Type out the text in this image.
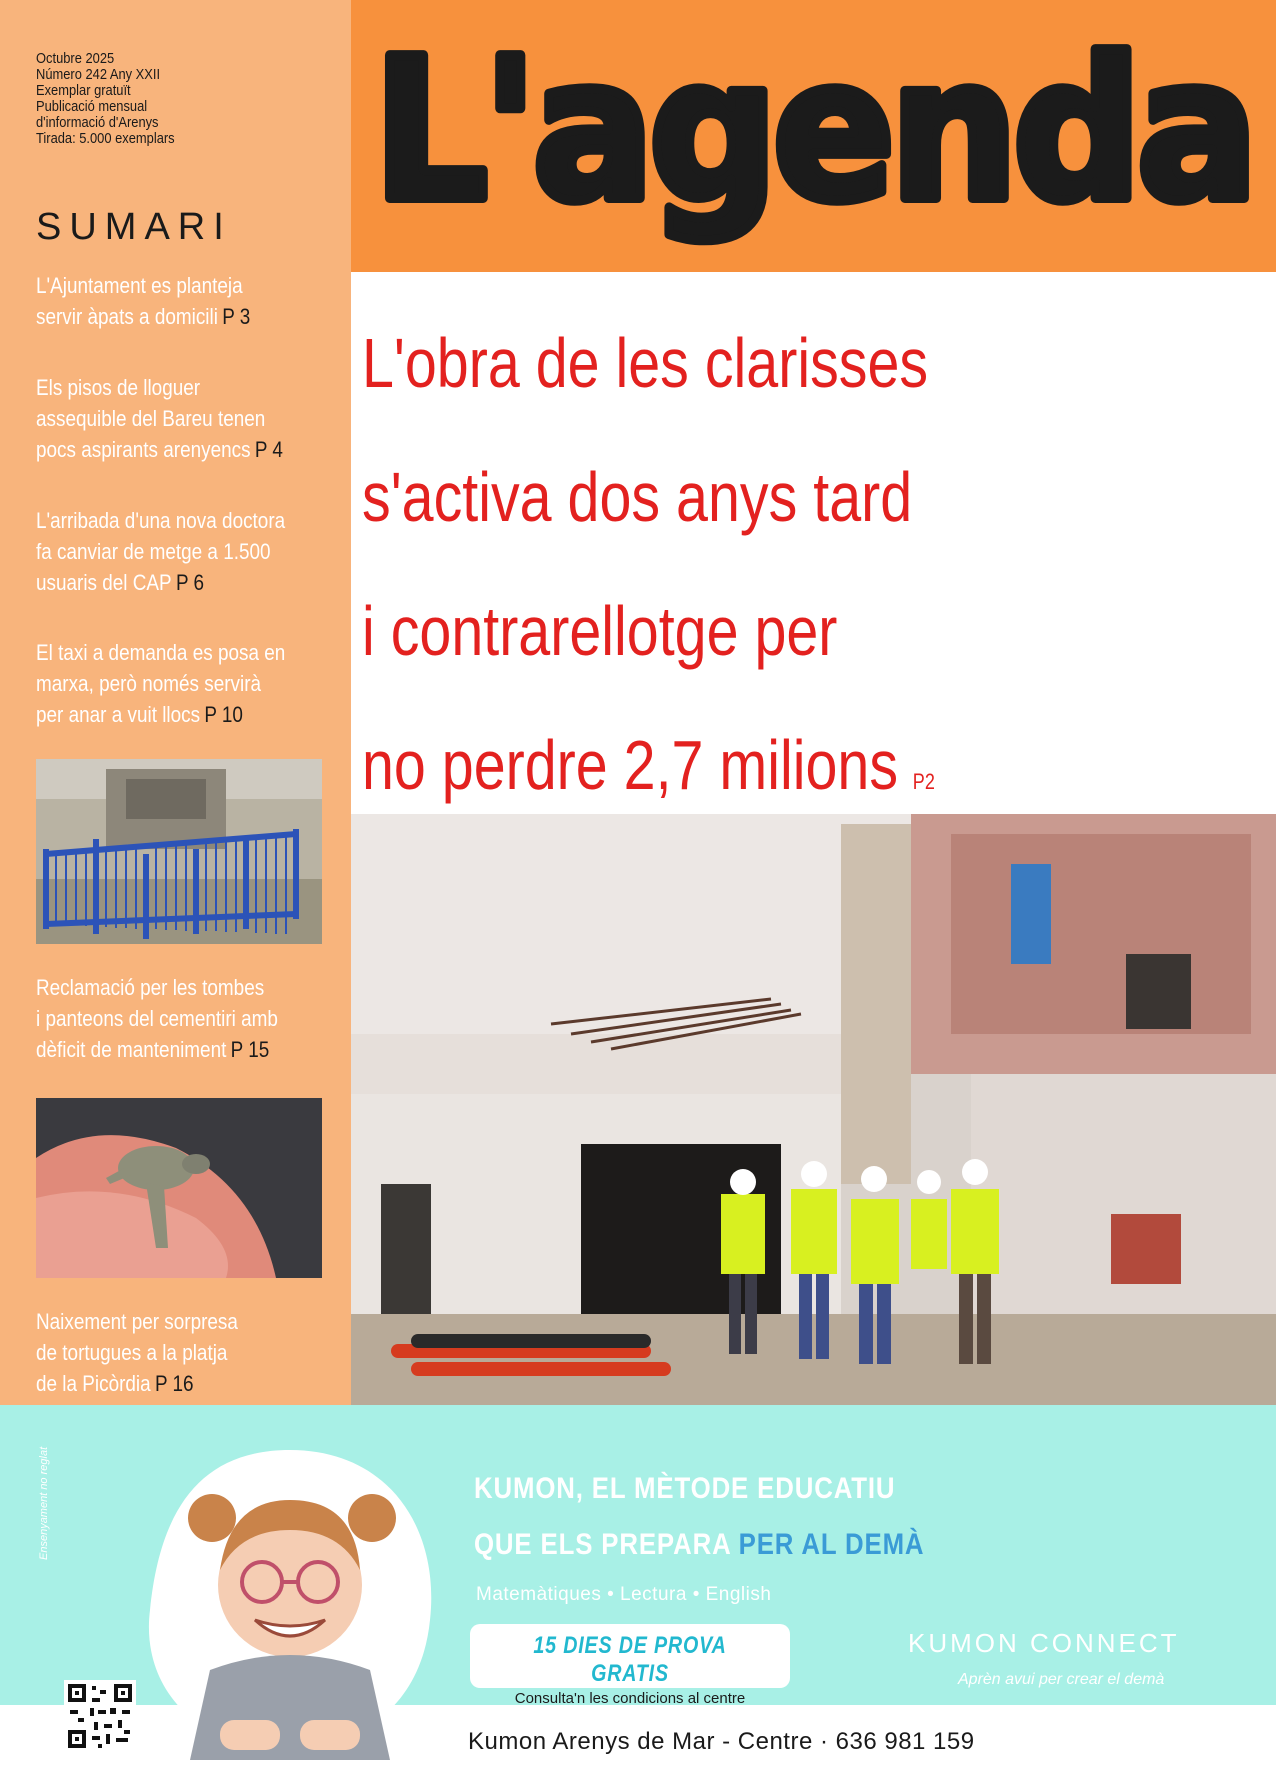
Octubre 2025
Número 242 Any XXII
Exemplar gratuït
Publicació mensual
d'informació d'Arenys
Tirada: 5.000 exemplars
SUMARI
L'Ajuntament es planteja
servir àpats a domicili P 3
Els pisos de lloguer
assequible del Bareu tenen
pocs aspirants arenyencs P 4
L'arribada d'una nova doctora
fa canviar de metge a 1.500
usuaris del CAP P 6
El taxi a demanda es posa en
marxa, però només servirà
per anar a vuit llocs P 10
Reclamació per les tombes
i panteons del cementiri amb
dèficit de manteniment P 15
Naixement per sorpresa
de tortugues a la platja
de la Picòrdia P 16
L'agenda
L'obra de les clarisses
s'activa dos anys tard
i contrarellotge per
no perdre 2,7 milions P2
Ensenyament no reglat	KUMON, EL MÈTODE EDUCATIU
QUE ELS PREPARA PER AL DEMÀ
Matemàtiques • Lectura • English
15 DIES DE PROVA GRATIS
Consulta'n les condicions al centre
KUMON CONNECT
Aprèn avui per crear el demà
Kumon Arenys de Mar - Centre · 636 981 159
